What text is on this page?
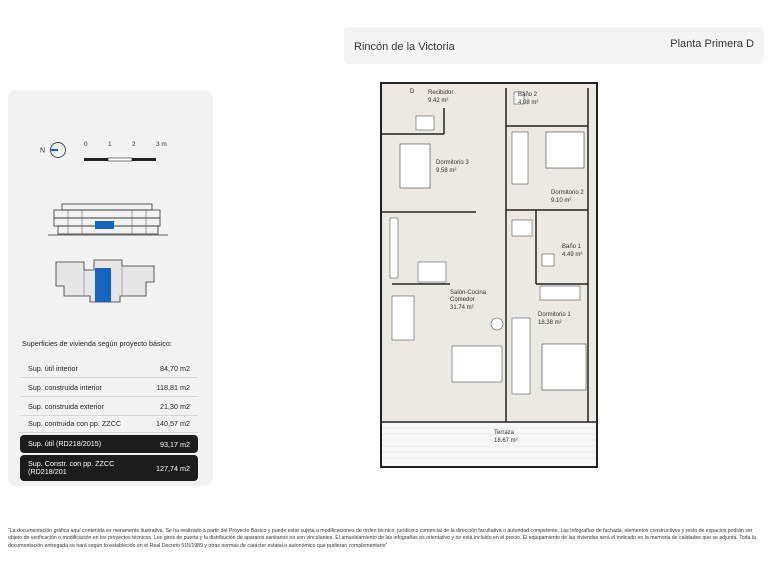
Rincón de la Victoria	Planta Primera D
N
0	1	2	3 m
Superficies de vivienda según proyecto básico:
Sup. útil interior	84,70 m2
Sup. construida interior	118,81 m2
Sup. construida exterior	21,30 m2
Sup. contruida con pp. ZZCC	140,57 m2
Sup. útil (RD218/2015)	93,17 m2
Sup. Constr. con pp. ZZCC (RD218/201	127,74 m2
D Recibidor
9.42 m²
Baño 2
4.08 m²
Dormitorio 3
9.58 m²
Dormitorio 2
9.10 m²
Baño 1
4.49 m²
Salón-Cocina Comedor
31.74 m²
Dormitorio 1
18.38 m²
Terraza
18.67 m²
“La documentación gráfica aquí contenida es meramente ilustrativa. Se ha realizado a partir del Proyecto Básico y puede estar sujeta a modificaciones de orden técnico, jurídico o comercial de la dirección facultativa o autoridad competente. Las infografías de fachada, elementos constructivos y resto de espacios podrán ser objeto de verificación o modificación en los proyectos técnicos. Los giros de puerta y la distribución de aparatos sanitarios no son vinculantes. El amueblamiento de las infografías es orientativo y no está incluido en el precio. El equipamiento de las viviendas será el indicado en la memoria de calidades que se adjunta. Toda la documentación entregada se hará según lo establecido en el Real Decreto 515/1989 y otras normas de carácter estatal o autonómico que pudieran complementario”
